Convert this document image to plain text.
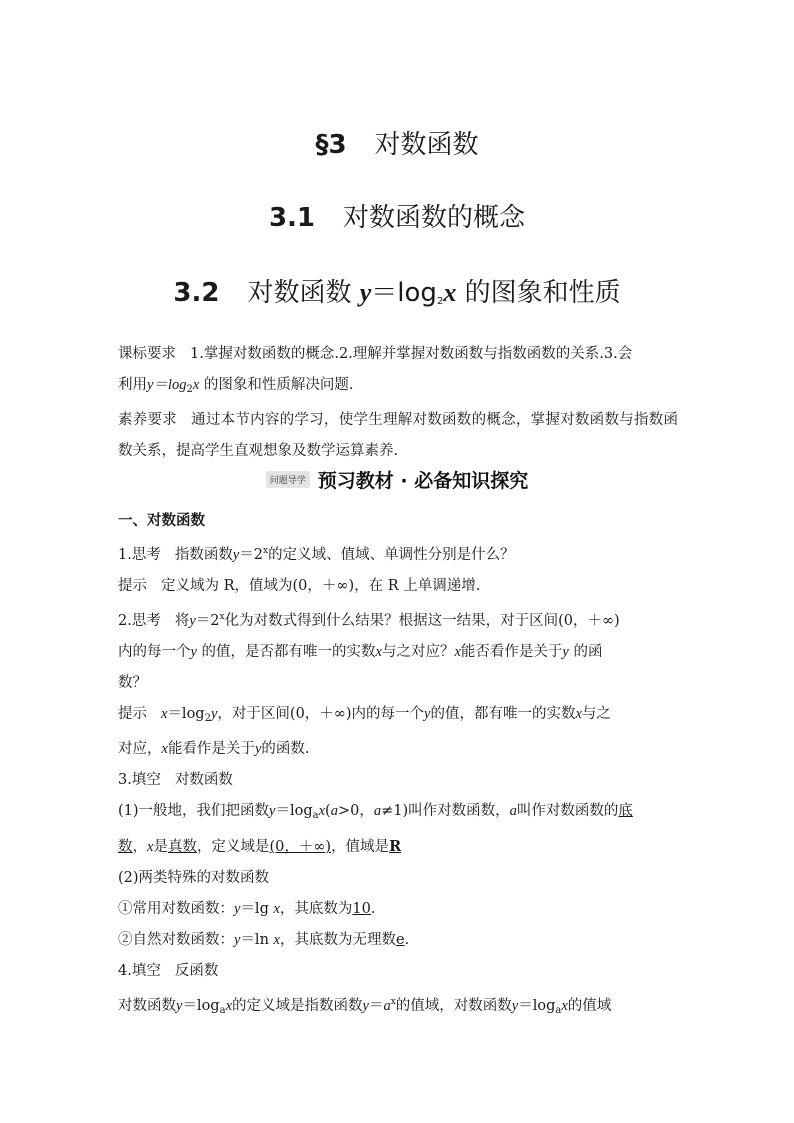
§3 对数函数
3.1 对数函数的概念
3.2 对数函数 $y=\log_2x$ 的图象和性质

课标要求 1.掌握对数函数的概念.2.理解并掌握对数函数与指数函数的关系.3.会

利用$y=\log_2x$ 的图象和性质解决问题.

素养要求 通过本节内容的学习，使学生理解对数函数的概念，掌握对数函数与指数函数关系，提高学生直观想象及数学运算素养.

问题导学 预习教材 · 必备知识探究

一、对数函数

1.思考 指数函数$y=2^x$的定义域、值域、单调性分别是什么？

提示 定义域为 R，值域为(0，＋∞)，在 R 上单调递增.

2.思考 将$y=2^x$化为对数式得到什么结果？根据这一结果，对于区间(0，＋∞)

内的每一个y 的值，是否都有唯一的实数x与之对应？x能否看作是关于y 的函

数？

提示 $x=\log_2y$，对于区间(0，＋∞)内的每一个y的值，都有唯一的实数x与之

对应，x能看作是关于y的函数.

3.填空 对数函数

(1)一般地，我们把函数$y=\log_ax(a>0$，a≠1)叫作对数函数，a叫作对数函数的底

数，x是真数，定义域是(0，＋∞)，值域是R

(2)两类特殊的对数函数

①常用对数函数：y＝lg x，其底数为10.

②自然对数函数：y＝ln x，其底数为无理数e.

4.填空 反函数

对数函数$y=\log_ax$的定义域是指数函数$y=a^x$的值域，对数函数$y=\log_ax$的值域
